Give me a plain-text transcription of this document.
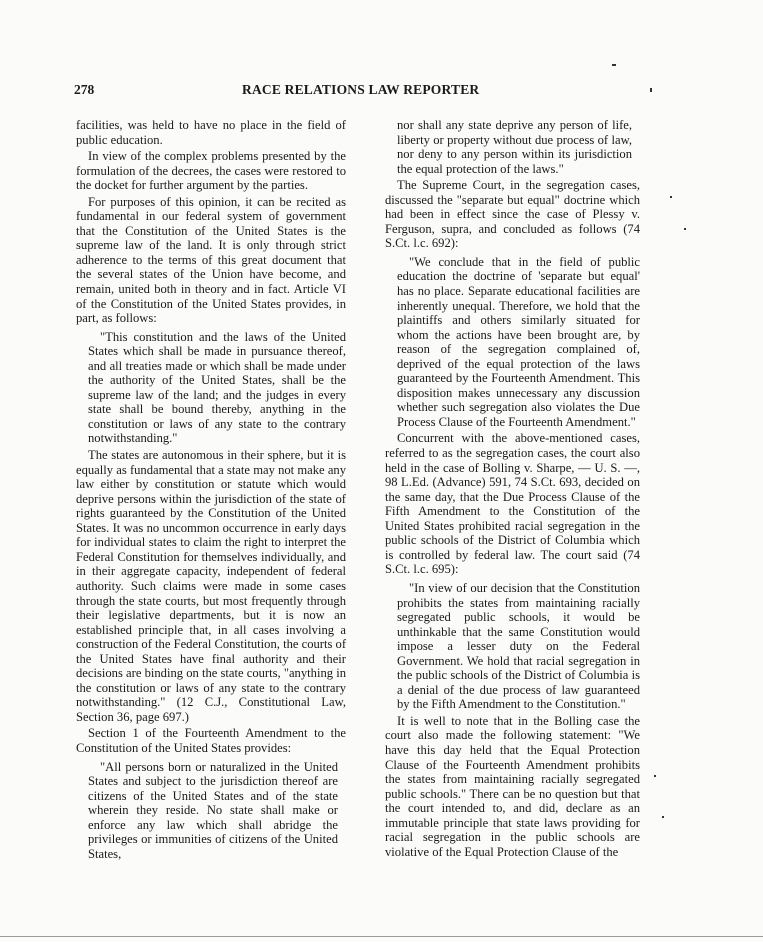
278	RACE RELATIONS LAW REPORTER

facilities, was held to have no place in the field of public education.

In view of the complex problems presented by the formulation of the decrees, the cases were restored to the docket for further argument by the parties.

For purposes of this opinion, it can be recited as fundamental in our federal system of government that the Constitution of the United States is the supreme law of the land. It is only through strict adherence to the terms of this great document that the several states of the Union have become, and remain, united both in theory and in fact. Article VI of the Constitution of the United States provides, in part, as follows:

"This constitution and the laws of the United States which shall be made in pursuance thereof, and all treaties made or which shall be made under the authority of the United States, shall be the supreme law of the land; and the judges in every state shall be bound thereby, anything in the constitution or laws of any state to the contrary notwithstanding."

The states are autonomous in their sphere, but it is equally as fundamental that a state may not make any law either by constitution or statute which would deprive persons within the jurisdiction of the state of rights guaranteed by the Constitution of the United States. It was no uncommon occurrence in early days for individual states to claim the right to interpret the Federal Constitution for themselves individually, and in their aggregate capacity, independent of federal authority. Such claims were made in some cases through the state courts, but most frequently through their legislative departments, but it is now an established principle that, in all cases involving a construction of the Federal Constitution, the courts of the United States have final authority and their decisions are binding on the state courts, "anything in the constitution or laws of any state to the contrary notwithstanding." (12 C.J., Constitutional Law, Section 36, page 697.)

Section 1 of the Fourteenth Amendment to the Constitution of the United States provides:

"All persons born or naturalized in the United States and subject to the jurisdiction thereof are citizens of the United States and of the state wherein they reside. No state shall make or enforce any law which shall abridge the privileges or immunities of citizens of the United States,
nor shall any state deprive any person of life, liberty or property without due process of law, nor deny to any person within its jurisdiction the equal protection of the laws."

The Supreme Court, in the segregation cases, discussed the "separate but equal" doctrine which had been in effect since the case of Plessy v. Ferguson, supra, and concluded as follows (74 S.Ct. l.c. 692):

"We conclude that in the field of public education the doctrine of 'separate but equal' has no place. Separate educational facilities are inherently unequal. Therefore, we hold that the plaintiffs and others similarly situated for whom the actions have been brought are, by reason of the segregation complained of, deprived of the equal protection of the laws guaranteed by the Fourteenth Amendment. This disposition makes unnecessary any discussion whether such segregation also violates the Due Process Clause of the Fourteenth Amendment."

Concurrent with the above-mentioned cases, referred to as the segregation cases, the court also held in the case of Bolling v. Sharpe, — U. S. —, 98 L.Ed. (Advance) 591, 74 S.Ct. 693, decided on the same day, that the Due Process Clause of the Fifth Amendment to the Constitution of the United States prohibited racial segregation in the public schools of the District of Columbia which is controlled by federal law. The court said (74 S.Ct. l.c. 695):

"In view of our decision that the Constitution prohibits the states from maintaining racially segregated public schools, it would be unthinkable that the same Constitution would impose a lesser duty on the Federal Government. We hold that racial segregation in the public schools of the District of Columbia is a denial of the due process of law guaranteed by the Fifth Amendment to the Constitution."

It is well to note that in the Bolling case the court also made the following statement: "We have this day held that the Equal Protection Clause of the Fourteenth Amendment prohibits the states from maintaining racially segregated public schools." There can be no question but that the court intended to, and did, declare as an immutable principle that state laws providing for racial segregation in the public schools are violative of the Equal Protection Clause of the
